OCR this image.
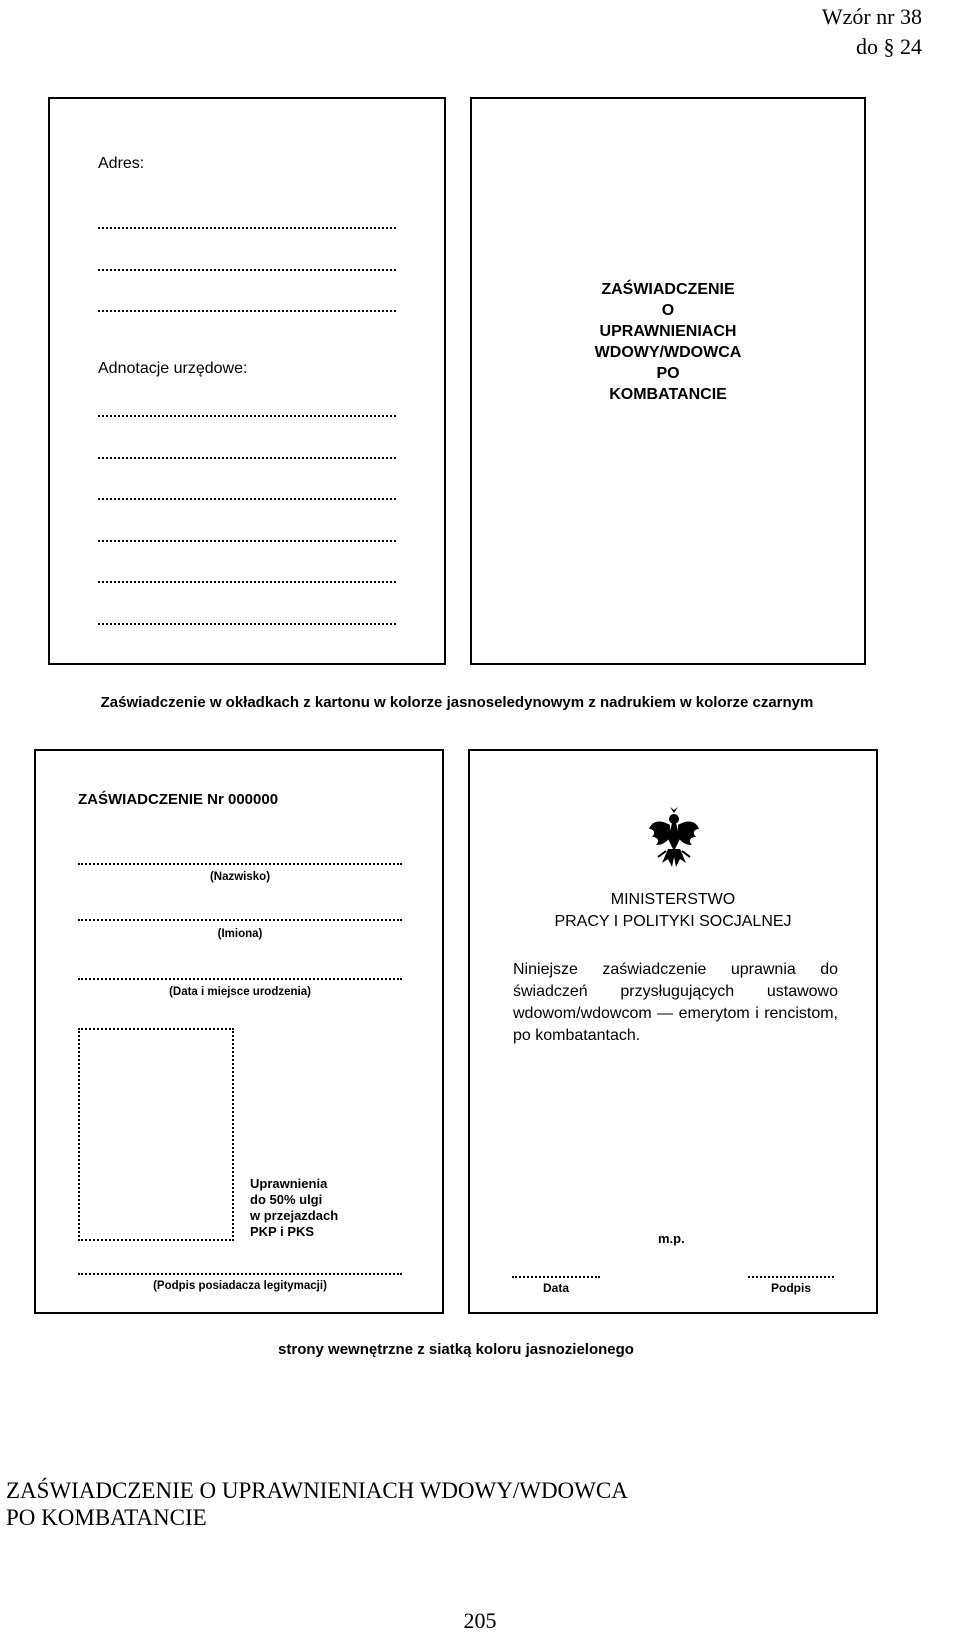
Wzór nr 38
do § 24
Adres:
Adnotacje urzędowe:
ZAŚWIADCZENIE
O
UPRAWNIENIACH
WDOWY/WDOWCA
PO
KOMBATANCIE
Zaświadczenie w okładkach z kartonu w kolorze jasnoseledynowym z nadrukiem w kolorze czarnym
ZAŚWIADCZENIE Nr 000000
(Nazwisko)
(Imiona)
(Data i miejsce urodzenia)
Uprawnienia
do 50% ulgi
w przejazdach
PKP i PKS
(Podpis posiadacza legitymacji)
MINISTERSTWO
PRACY I POLITYKI SOCJALNEJ
Niniejsze zaświadczenie uprawnia do świadczeń przysługujących ustawowo wdowom/wdowcom — emerytom i rencistom, po kombatantach.
m.p.
Data	Podpis
strony wewnętrzne z siatką koloru jasnozielonego
ZAŚWIADCZENIE O UPRAWNIENIACH WDOWY/WDOWCA
PO KOMBATANCIE
205
